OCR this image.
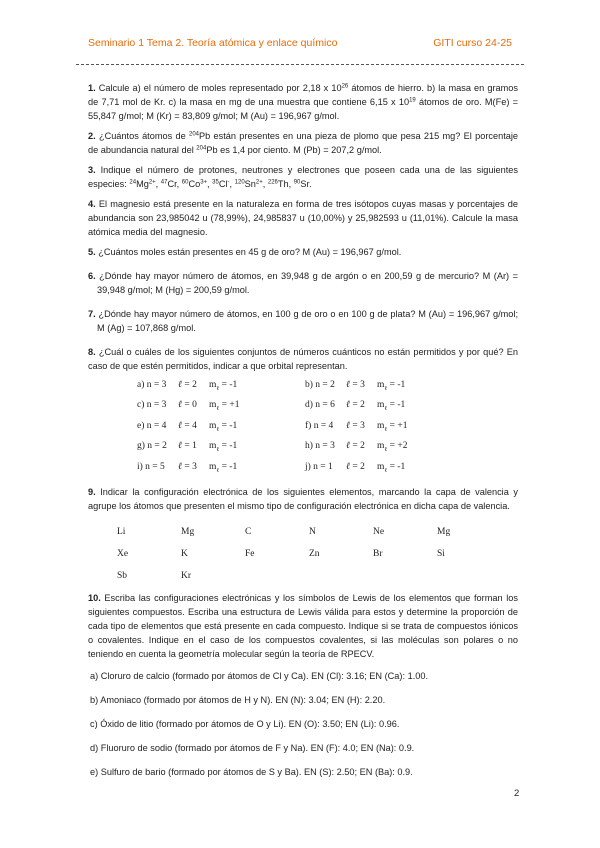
Seminario 1 Tema 2. Teoría atómica y enlace químico	GITI curso 24-25

1. Calcule a) el número de moles representado por 2,18 x $10^{26}$ átomos de hierro. b) la masa en gramos de 7,71 mol de Kr. c) la masa en mg de una muestra que contiene 6,15 x $10^{19}$ átomos de oro. M(Fe) = 55,847 g/mol; M (Kr) = 83,809 g/mol; M (Au) = 196,967 g/mol.

2. ¿Cuántos átomos de $^{204}$Pb están presentes en una pieza de plomo que pesa 215 mg? El porcentaje de abundancia natural del $^{204}$Pb es 1,4 por ciento. M (Pb) = 207,2 g/mol.

3. Indique el número de protones, neutrones y electrones que poseen cada una de las siguientes especies: $^{24}Mg^{2+}$, $^{47}$Cr, $^{60}Co^{3+}$, $^{35}$Cl-, $^{120}Sn^{2+}$, $^{226}$Th, $^{90}$Sr.

4. El magnesio está presente en la naturaleza en forma de tres isótopos cuyas masas y porcentajes de abundancia son 23,985042 u (78,99%), 24,985837 u (10,00%) y 25,982593 u (11,01%). Calcule la masa atómica media del magnesio.

5. ¿Cuántos moles están presentes en 45 g de oro? M (Au) = 196,967 g/mol.

6. ¿Dónde hay mayor número de átomos, en 39,948 g de argón o en 200,59 g de mercurio? M (Ar) = 39,948 g/mol; M (Hg) = 200,59 g/mol.

7. ¿Dónde hay mayor número de átomos, en 100 g de oro o en 100 g de plata? M (Au) = 196,967 g/mol; M (Ag) = 107,868 g/mol.

8. ¿Cuál o cuáles de los siguientes conjuntos de números cuánticos no están permitidos y por qué? En caso de que estén permitidos, indicar a que orbital representan.

a) n = 3	ℓ = 2	$m_\ell = -1$	b) n = 2	ℓ = 3	$m_\ell = -1$
c) n = 3	ℓ = 0	$m_\ell = +1$	d) n = 6	ℓ = 2	$m_\ell = -1$
e) n = 4	ℓ = 4	$m_\ell = -1$	f) n = 4	ℓ = 3	$m_\ell = +1$
g) n = 2	ℓ = 1	$m_\ell = -1$	h) n = 3	ℓ = 2	$m_\ell = +2$
i) n = 5	ℓ = 3	$m_\ell = -1$	j) n = 1	ℓ = 2	$m_\ell = -1$

9. Indicar la configuración electrónica de los siguientes elementos, marcando la capa de valencia y agrupe los átomos que presenten el mismo tipo de configuración electrónica en dicha capa de valencia.

Li	Mg	C	N	Ne	Mg
Xe	K	Fe	Zn	Br	Si
Sb	Kr

10. Escriba las configuraciones electrónicas y los símbolos de Lewis de los elementos que forman los siguientes compuestos. Escriba una estructura de Lewis válida para estos y determine la proporción de cada tipo de elementos que está presente en cada compuesto. Indique si se trata de compuestos iónicos o covalentes. Indique en el caso de los compuestos covalentes, si las moléculas son polares o no teniendo en cuenta la geometría molecular según la teoría de RPECV.

a) Cloruro de calcio (formado por átomos de Cl y Ca). EN (Cl): 3.16; EN (Ca): 1.00.
b) Amoniaco (formado por átomos de H y N). EN (N): 3.04; EN (H): 2.20.
c) Óxido de litio (formado por átomos de O y Li). EN (O): 3.50; EN (Li): 0.96.
d) Fluoruro de sodio (formado por átomos de F y Na). EN (F): 4.0; EN (Na): 0.9.
e) Sulfuro de bario (formado por átomos de S y Ba). EN (S): 2.50; EN (Ba): 0.9.
2
